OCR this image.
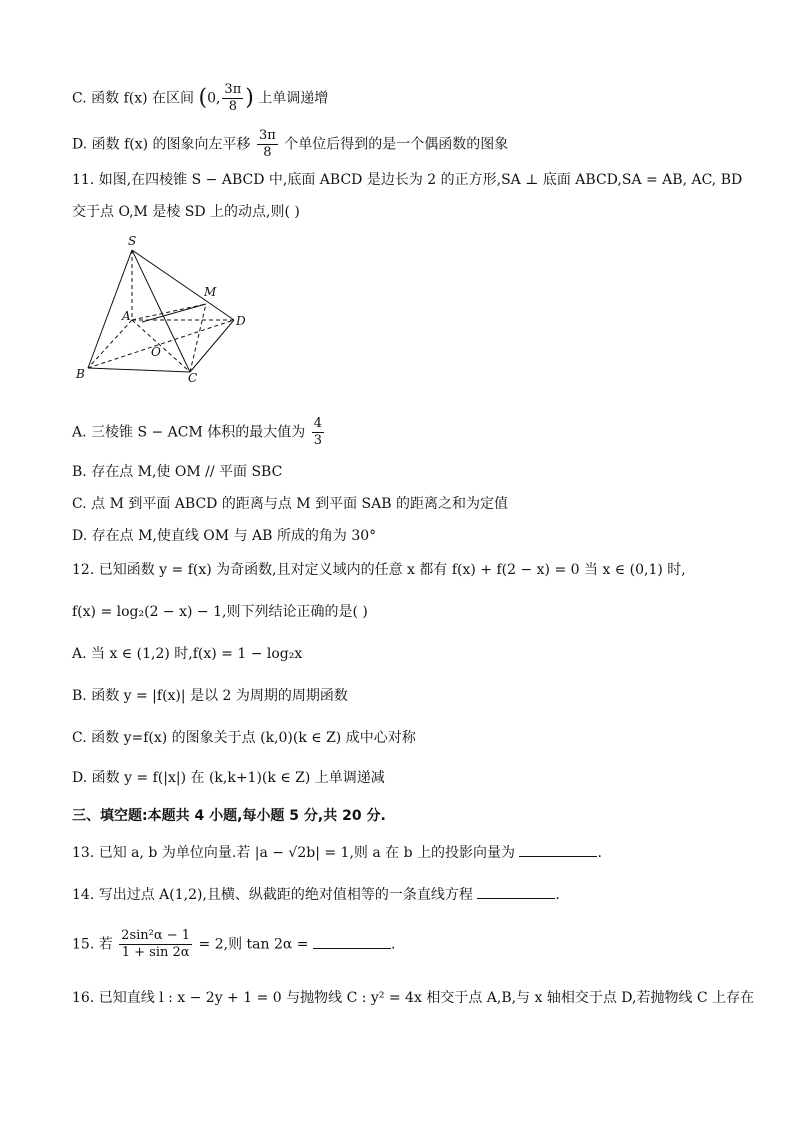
C. 函数 f(x) 在区间 (0, $\frac{3\pi}{8}$ ) 上单调递增
D. 函数 f(x) 的图象向左平移 $\frac{3\pi}{8}$ 个单位后得到的是一个偶函数的图象
11. 如图,在四棱锥 S − ABCD 中,底面 ABCD 是边长为 2 的正方形,SA ⊥ 底面 ABCD,SA = AB, AC, BD
交于点 O,M 是棱 SD 上的动点,则( )
S
M
A	D
O
B	C
A. 三棱锥 S − ACM 体积的最大值为 $\frac{4}{3}$
B. 存在点 M,使 OM // 平面 SBC
C. 点 M 到平面 ABCD 的距离与点 M 到平面 SAB 的距离之和为定值
D. 存在点 M,使直线 OM 与 AB 所成的角为 30°
12. 已知函数 y = f(x) 为奇函数,且对定义域内的任意 x 都有 f(x) + f(2 − x) = 0 当 x ∈ (0,1) 时,
f(x) = log₂(2 − x) − 1,则下列结论正确的是( )
A. 当 x ∈ (1,2) 时,f(x) = 1 − log₂x
B. 函数 y = |f(x)| 是以 2 为周期的周期函数
C. 函数 y=f(x) 的图象关于点 (k,0)(k ∈ Z) 成中心对称
D. 函数 y = f(|x|) 在 (k,k+1)(k ∈ Z) 上单调递减
三、填空题:本题共 4 小题,每小题 5 分,共 20 分.
13. 已知 a, b 为单位向量.若 |a − √2b| = 1,则 a 在 b 上的投影向量为	.
14. 写出过点 A(1,2),且横、纵截距的绝对值相等的一条直线方程	.
15. 若 $\frac{\text{2sin²α − 1}}{1 + \sin 2\alpha} = 2$,则 tan 2α =	.
16. 已知直线 l : x − 2y + 1 = 0 与抛物线 C : y² = 4x 相交于点 A,B,与 x 轴相交于点 D,若抛物线 C 上存在
